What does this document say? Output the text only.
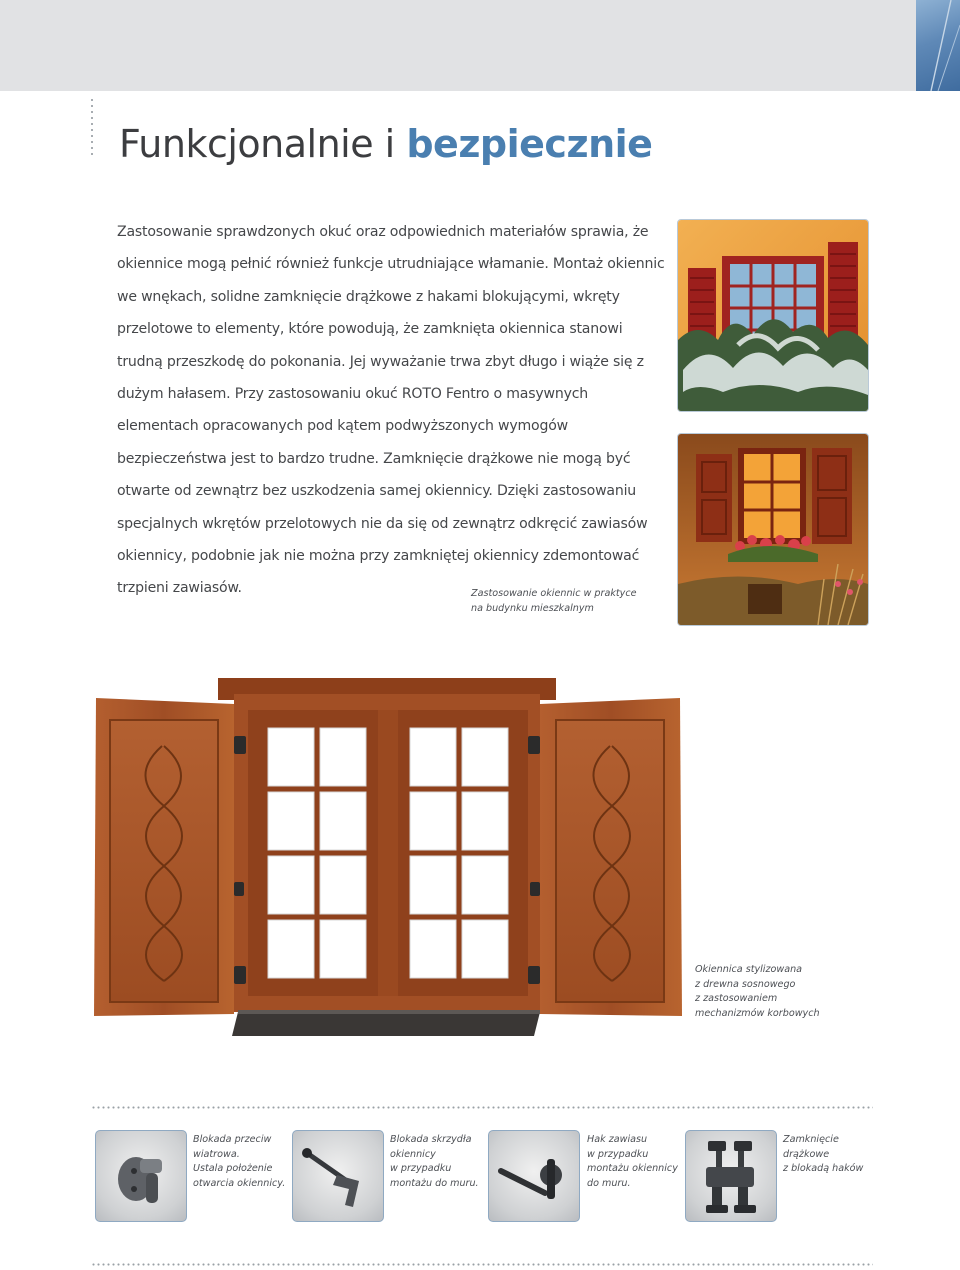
Funkcjonalnie i bezpiecznie

Zastosowanie sprawdzonych okuć oraz odpowiednich materiałów sprawia, że okiennice mogą pełnić również funkcje utrudniające włamanie. Montaż okiennic we wnękach, solidne zamknięcie drążkowe z hakami blokującymi, wkręty przelotowe to elementy, które powodują, że zamknięta okiennica stanowi trudną przeszkodę do pokonania. Jej wyważanie trwa zbyt długo i wiąże się z dużym hałasem. Przy zastosowaniu okuć ROTO Fentro o masywnych elementach opracowanych pod kątem podwyższonych wymogów bezpieczeństwa jest to bardzo trudne. Zamknięcie drążkowe nie mogą być otwarte od zewnątrz bez uszkodzenia samej okiennicy. Dzięki zastosowaniu specjalnych wkrętów przelotowych nie da się od zewnątrz odkręcić zawiasów okiennicy, podobnie jak nie można przy zamkniętej okiennicy zdemontować trzpieni zawiasów.	Zastosowanie okiennic w praktyce
na budynku mieszkalnym

Okiennica stylizowana
z drewna sosnowego
z zastosowaniem
mechanizmów korbowych

Blokada przeciw
wiatrowa.
Ustala położenie
otwarcia okiennicy.

Blokada skrzydła
okiennicy
w przypadku
montażu do muru.

Hak zawiasu
w przypadku
montażu okiennicy
do muru.

Zamknięcie
drążkowe
z blokadą haków
